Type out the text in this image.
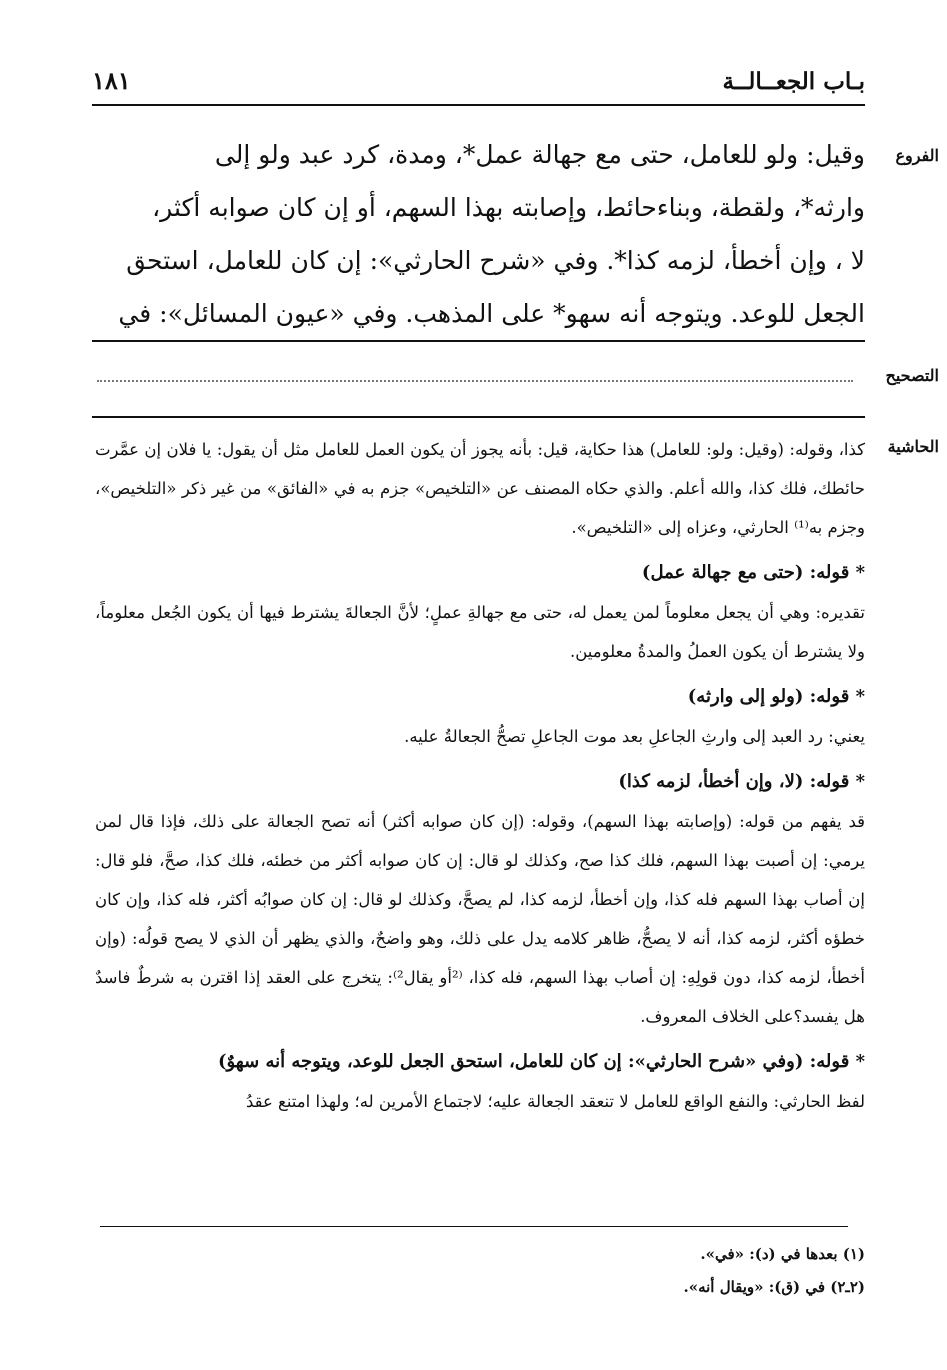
بـاب الجعــالــة
١٨١
الفروع
التصحيح
الحاشية

وقيل: ولو للعامل، حتى مع جهالة عمل*، ومدة، كرد عبد ولو إلى

وارثه*، ولقطة، وبناءحائط، وإصابته بهذا السهم، أو إن كان صوابه أكثر،

لا ، وإن أخطأ، لزمه كذا*. وفي «شرح الحارثي»: إن كان للعامل، استحق

الجعل للوعد. ويتوجه أنه سهو* على المذهب. وفي «عيون المسائل»: في

كذا، وقوله: (وقيل: ولو: للعامل) هذا حكاية، قيل: بأنه يجوز أن يكون العمل للعامل مثل أن يقول: يا فلان إن عمَّرت حائطك، فلك كذا، والله أعلم. والذي حكاه المصنف عن «التلخيص» جزم به في «الفائق» من غير ذكر «التلخيص»، وجزم به⁽¹⁾ الحارثي، وعزاه إلى «التلخيص».

* قوله: (حتى مع جهالة عمل)

تقديره: وهي أن يجعل معلوماً لمن يعمل له، حتى مع جهالةِ عملٍ؛ لأنَّ الجعالةَ يشترط فيها أن يكون الجُعل معلوماً، ولا يشترط أن يكون العملُ والمدةُ معلومين.

* قوله: (ولو إلى وارثه)

يعني: رد العبد إلى وارثِ الجاعلِ بعد موت الجاعلِ تصحُّ الجعالةُ عليه.

* قوله: (لا، وإن أخطأ، لزمه كذا)

قد يفهم من قوله: (وإصابته بهذا السهم)، وقوله: (إن كان صوابه أكثر) أنه تصح الجعالة على ذلك، فإذا قال لمن يرمي: إن أصبت بهذا السهم، فلك كذا صح، وكذلك لو قال: إن كان صوابه أكثر من خطئه، فلك كذا، صحَّ، فلو قال: إن أصاب بهذا السهم فله كذا، وإن أخطأ، لزمه كذا، لم يصحَّ، وكذلك لو قال: إن كان صوابُه أكثر، فله كذا، وإن كان خطؤه أكثر، لزمه كذا، أنه لا يصحُّ، ظاهر كلامه يدل على ذلك، وهو واضحٌ، والذي يظهر أن الذي لا يصح قولُه: (وإن أخطأ، لزمه كذا، دون قولِهِ: إن أصاب بهذا السهم، فله كذا، ⁽²أو يقال²⁾: يتخرج على العقد إذا اقترن به شرطٌ فاسدٌ هل يفسد؟على الخلاف المعروف.

* قوله: (وفي «شرح الحارثي»: إن كان للعامل، استحق الجعل للوعد، ويتوجه أنه سهوٌ)

لفظ الحارثي: والنفع الواقع للعامل لا تنعقد الجعالة عليه؛ لاجتماع الأمرين له؛ ولهذا امتنع عقدُ

(١) بعدها في (د): «في».

(٢ـ٢) في (ق): «ويقال أنه».
